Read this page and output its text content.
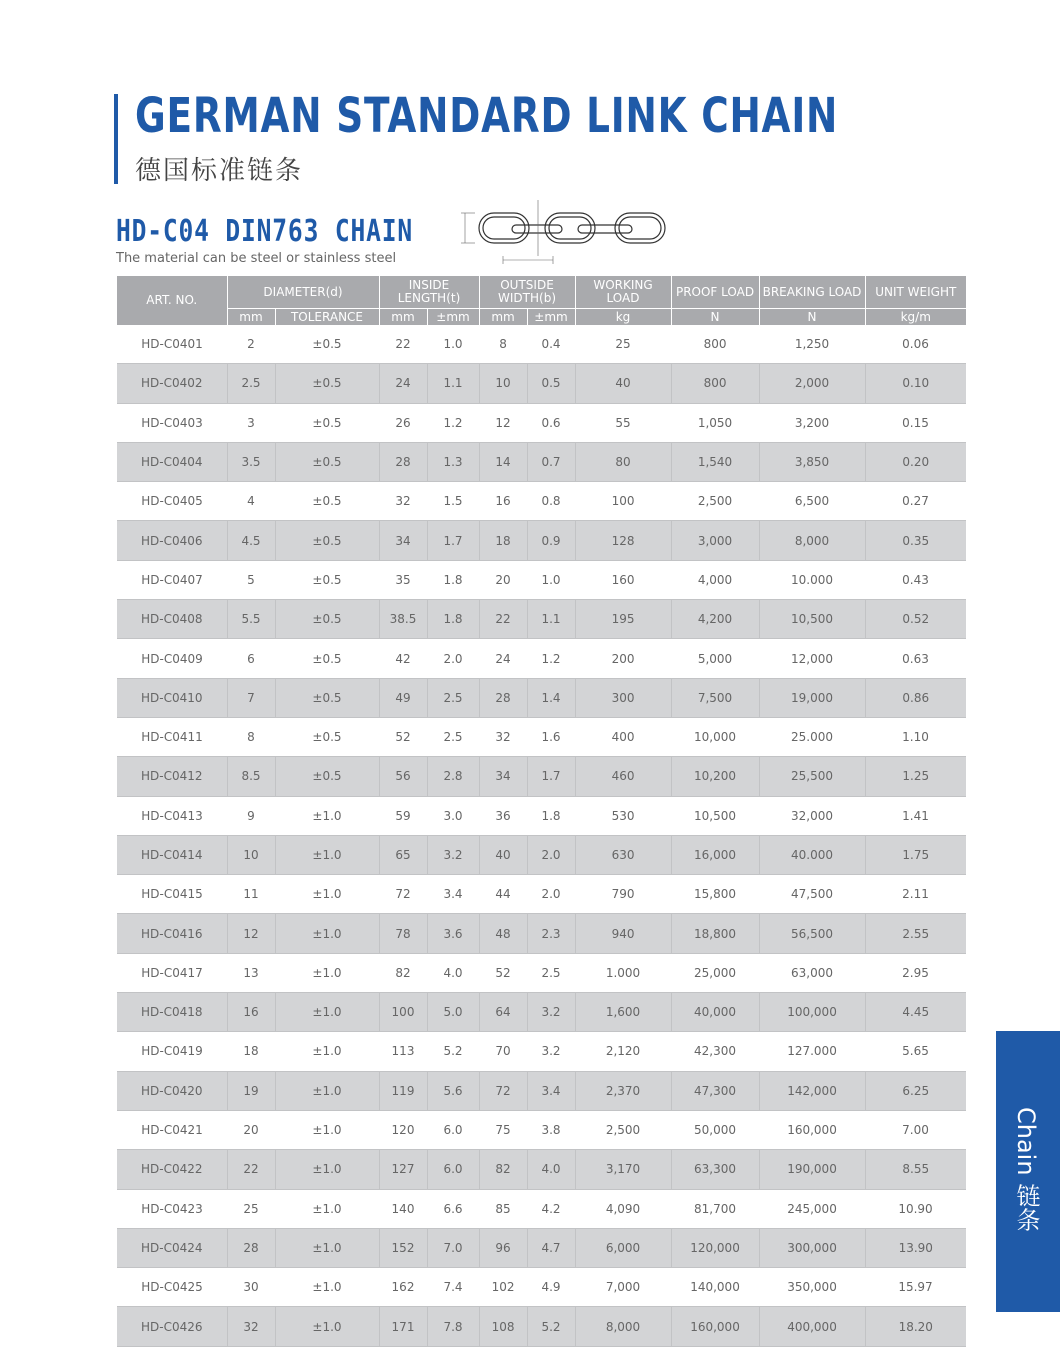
GERMAN STANDARD LINK CHAIN
德国标准链条
HD-C04 DIN763 CHAIN
The material can be steel or stainless steel
ART. NO.	DIAMETER(d)		INSIDE LENGTH(t)		OUTSIDE WIDTH(b)		WORKING LOAD	PROOF LOAD	BREAKING LOAD	UNIT WEIGHT
	mm	TOLERANCE	mm	±mm	mm	±mm	kg	N	N	kg/m
HD-C0401	2	±0.5	22	1.0	8	0.4	25	800	1,250	0.06
HD-C0402	2.5	±0.5	24	1.1	10	0.5	40	800	2,000	0.10
HD-C0403	3	±0.5	26	1.2	12	0.6	55	1,050	3,200	0.15
HD-C0404	3.5	±0.5	28	1.3	14	0.7	80	1,540	3,850	0.20
HD-C0405	4	±0.5	32	1.5	16	0.8	100	2,500	6,500	0.27
HD-C0406	4.5	±0.5	34	1.7	18	0.9	128	3,000	8,000	0.35
HD-C0407	5	±0.5	35	1.8	20	1.0	160	4,000	10.000	0.43
HD-C0408	5.5	±0.5	38.5	1.8	22	1.1	195	4,200	10,500	0.52
HD-C0409	6	±0.5	42	2.0	24	1.2	200	5,000	12,000	0.63
HD-C0410	7	±0.5	49	2.5	28	1.4	300	7,500	19,000	0.86
HD-C0411	8	±0.5	52	2.5	32	1.6	400	10,000	25.000	1.10
HD-C0412	8.5	±0.5	56	2.8	34	1.7	460	10,200	25,500	1.25
HD-C0413	9	±1.0	59	3.0	36	1.8	530	10,500	32,000	1.41
HD-C0414	10	±1.0	65	3.2	40	2.0	630	16,000	40.000	1.75
HD-C0415	11	±1.0	72	3.4	44	2.0	790	15,800	47,500	2.11
HD-C0416	12	±1.0	78	3.6	48	2.3	940	18,800	56,500	2.55
HD-C0417	13	±1.0	82	4.0	52	2.5	1.000	25,000	63,000	2.95
HD-C0418	16	±1.0	100	5.0	64	3.2	1,600	40,000	100,000	4.45
HD-C0419	18	±1.0	113	5.2	70	3.2	2,120	42,300	127.000	5.65
HD-C0420	19	±1.0	119	5.6	72	3.4	2,370	47,300	142,000	6.25
HD-C0421	20	±1.0	120	6.0	75	3.8	2,500	50,000	160,000	7.00
HD-C0422	22	±1.0	127	6.0	82	4.0	3,170	63,300	190,000	8.55
HD-C0423	25	±1.0	140	6.6	85	4.2	4,090	81,700	245,000	10.90
HD-C0424	28	±1.0	152	7.0	96	4.7	6,000	120,000	300,000	13.90
HD-C0425	30	±1.0	162	7.4	102	4.9	7,000	140,000	350,000	15.97
HD-C0426	32	±1.0	171	7.8	108	5.2	8,000	160,000	400,000	18.20
Chain 链条
